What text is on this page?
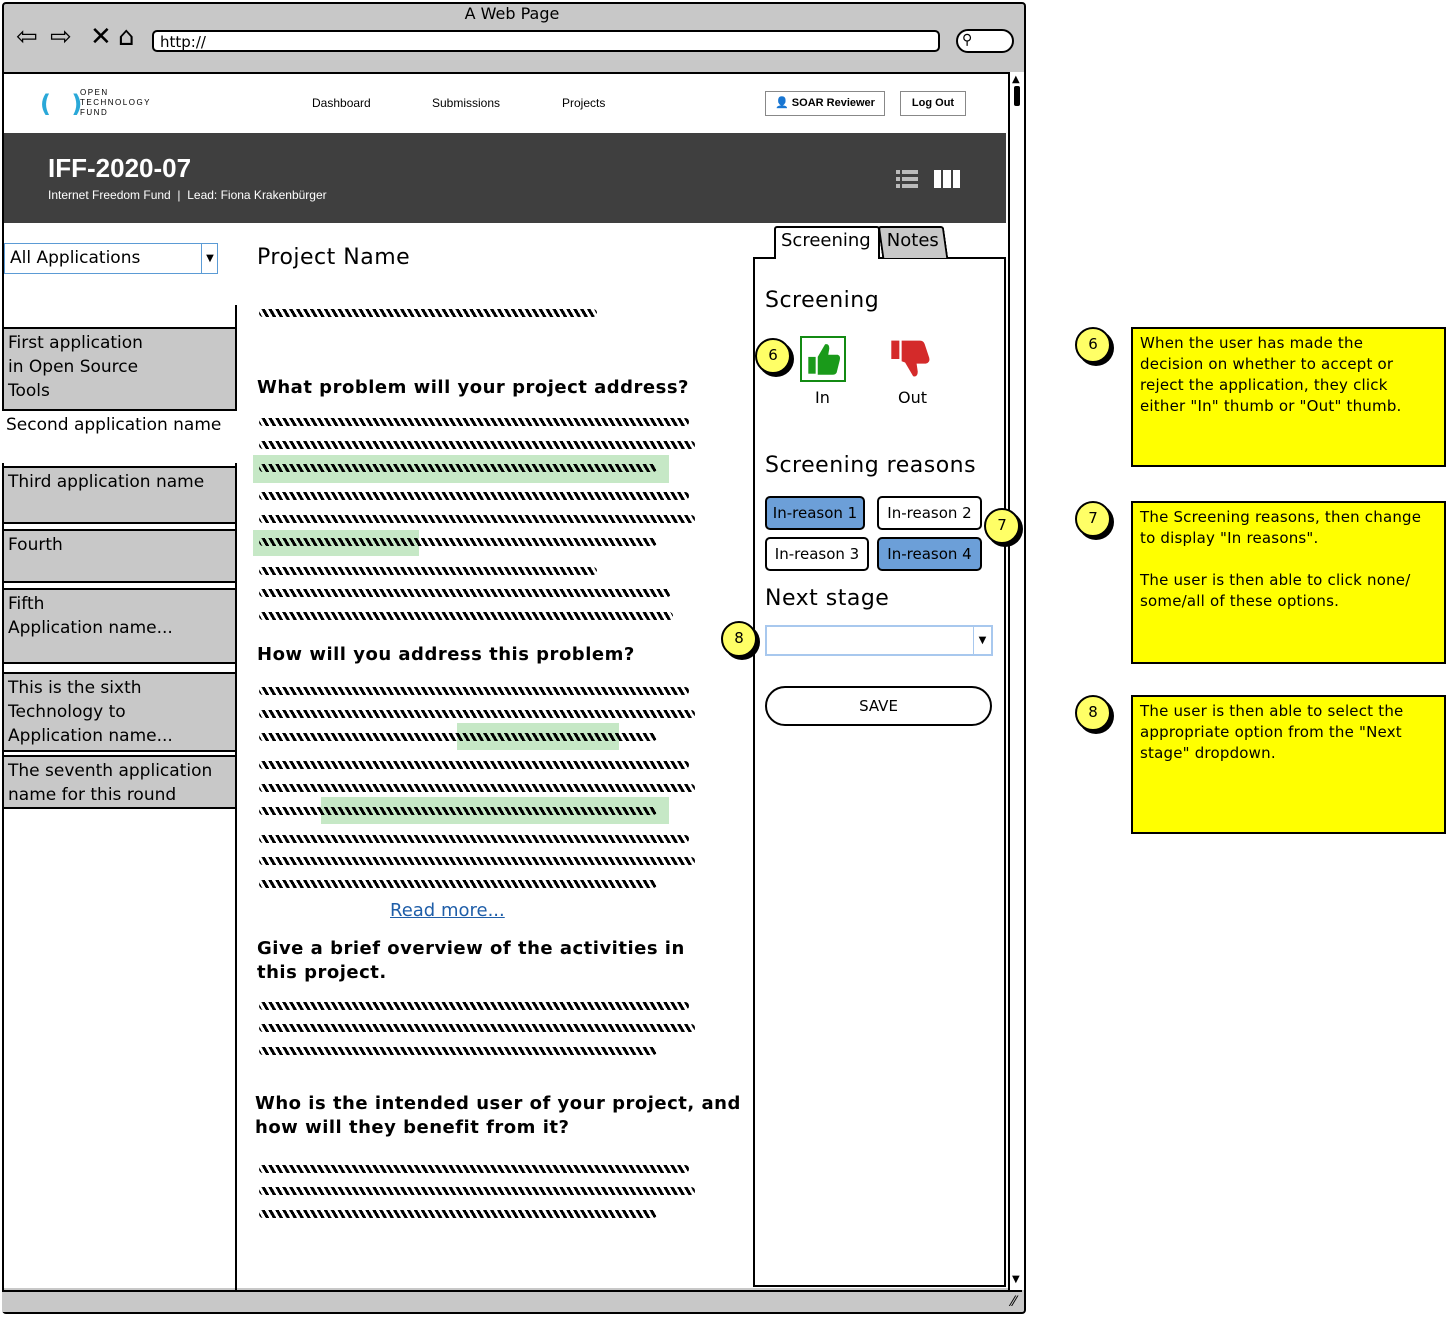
A Web Page
⇦ ⇨ ✕ ⌂	http://	⚲
▲
▼
⁄⁄
( )
OPEN
TECHNOLOGY
FUND
Dashboard	Submissions	Projects	👤 SOAR Reviewer	Log Out
IFF-2020-07
Internet Freedom Fund  |  Lead: Fiona Krakenbürger
All Applications	▼
First application
in Open Source
Tools
Second application name
Third application name
Fourth
Fifth
Application name...
This is the sixth
Technology to
Application name...
The seventh application
name for this round
Project Name
What problem will your project address?
How will you address this problem?
Read more...
Give a brief overview of the activities in
this project.
Who is the intended user of your project, and
how will they benefit from it?
Screening Notes
Screening
In	Out
Screening reasons
In-reason 1	In-reason 2
In-reason 3	In-reason 4
Next stage
▼
SAVE
6
7
8
6	When the user has made the
decision on whether to accept or
reject the application, they click
either "In" thumb or "Out" thumb.
7	The Screening reasons, then change
to display "In reasons".

The user is then able to click none/
some/all of these options.
8	The user is then able to select the
appropriate option from the "Next
stage" dropdown.
